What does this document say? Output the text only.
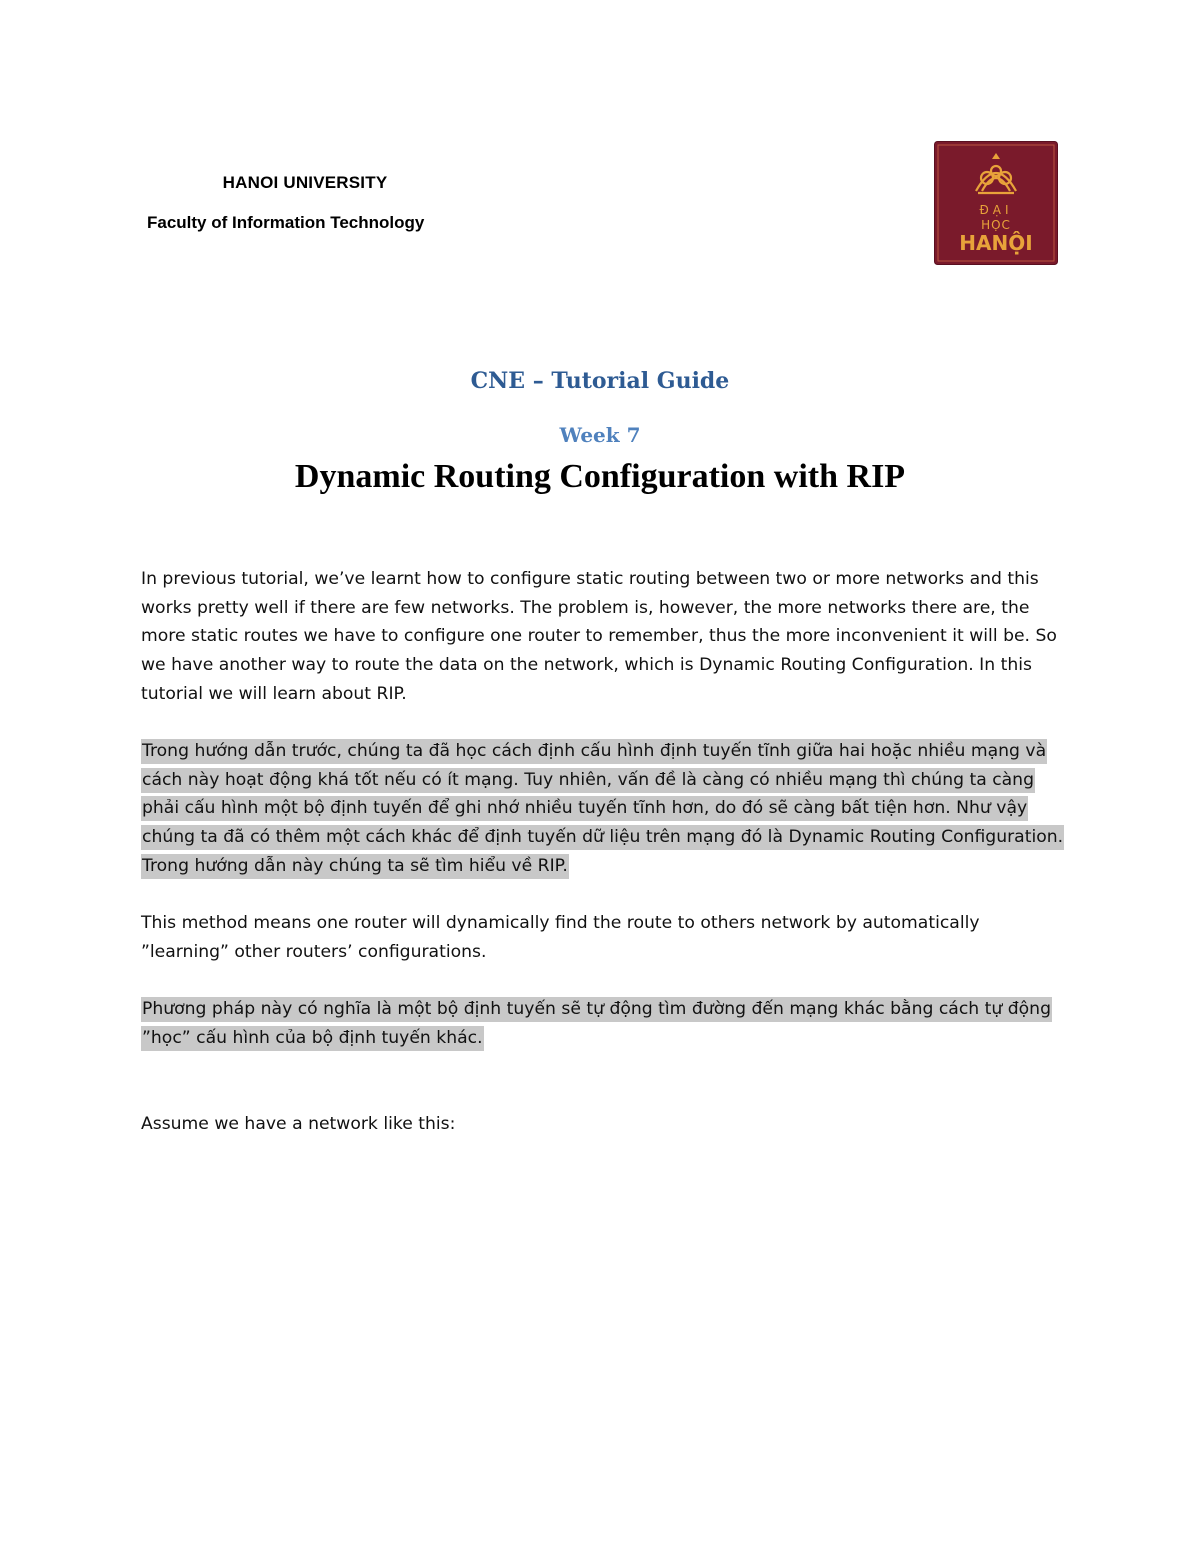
HANOI UNIVERSITY
Faculty of Information Technology
ĐẠI
HỌC
HANỘI
CNE – Tutorial Guide
Week 7
Dynamic Routing Configuration with RIP

In previous tutorial, we’ve learnt how to configure static routing between two or more networks and this works pretty well if there are few networks. The problem is, however, the more networks there are, the more static routes we have to configure one router to remember, thus the more inconvenient it will be. So we have another way to route the data on the network, which is Dynamic Routing Configuration. In this tutorial we will learn about RIP.

Trong hướng dẫn trước, chúng ta đã học cách định cấu hình định tuyến tĩnh giữa hai hoặc nhiều mạng và cách này hoạt động khá tốt nếu có ít mạng. Tuy nhiên, vấn đề là càng có nhiều mạng thì chúng ta càng phải cấu hình một bộ định tuyến để ghi nhớ nhiều tuyến tĩnh hơn, do đó sẽ càng bất tiện hơn. Như vậy chúng ta đã có thêm một cách khác để định tuyến dữ liệu trên mạng đó là Dynamic Routing Configuration. Trong hướng dẫn này chúng ta sẽ tìm hiểu về RIP.

This method means one router will dynamically find the route to others network by automatically ”learning” other routers’ configurations.

Phương pháp này có nghĩa là một bộ định tuyến sẽ tự động tìm đường đến mạng khác bằng cách tự động ”học” cấu hình của bộ định tuyến khác.

Assume we have a network like this:
